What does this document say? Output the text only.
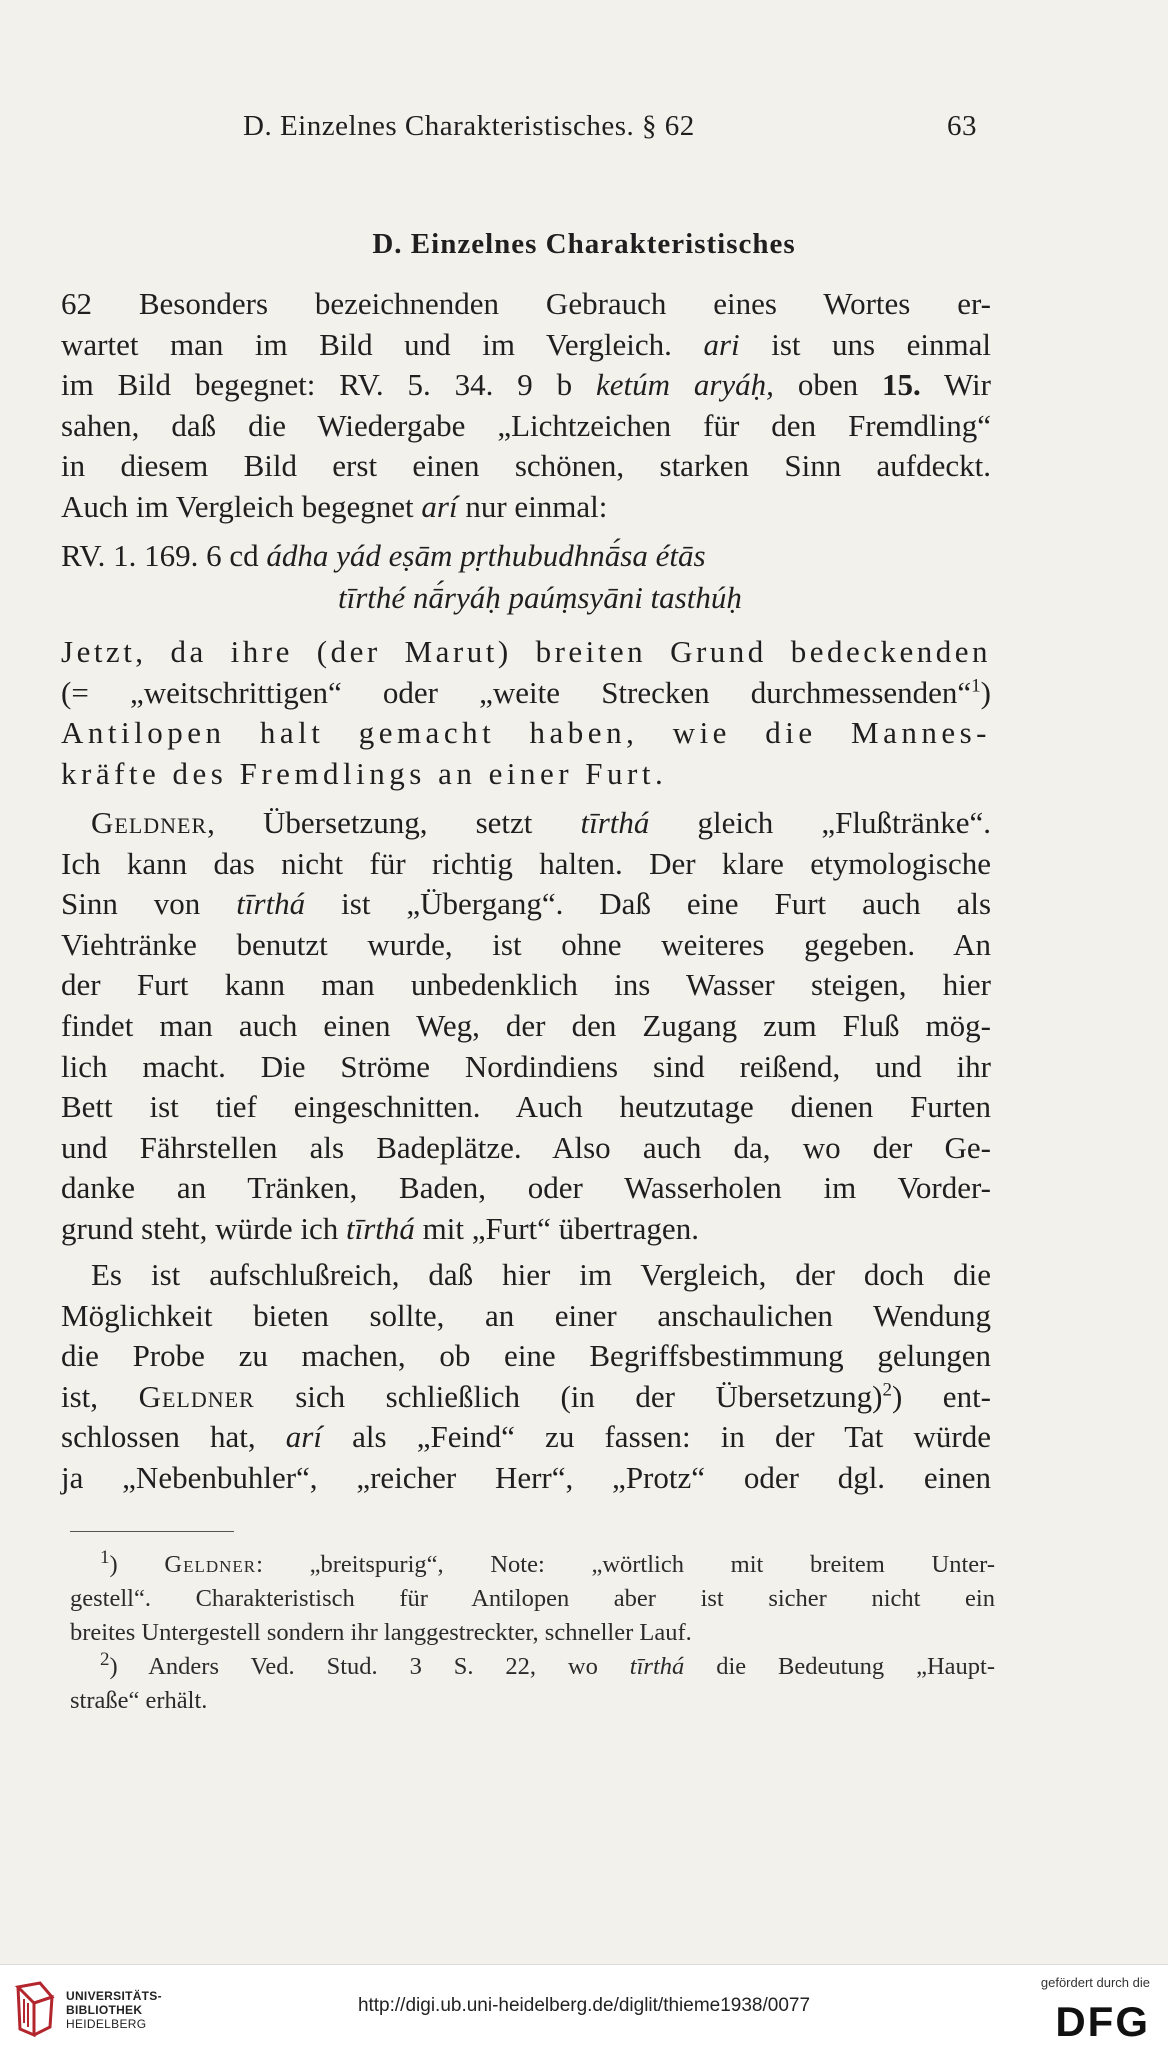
D. Einzelnes Charakteristisches. § 62	63
D. Einzelnes Charakteristisches
62 Besonders bezeichnenden Gebrauch eines Wortes er-
wartet man im Bild und im Vergleich. ari ist uns einmal
im Bild begegnet: RV. 5. 34. 9 b ketúm aryáḥ, oben 15. Wir
sahen, daß die Wiedergabe „Lichtzeichen für den Fremdling“
in diesem Bild erst einen schönen, starken Sinn aufdeckt.
Auch im Vergleich begegnet arí nur einmal:
RV. 1. 169. 6 cd ádha yád eṣām pṛthubudhnā́sa étās
tīrthé nā́ryáḥ paúṃsyāni tasthúḥ
Jetzt, da ihre (der Marut) breiten Grund bedeckenden
(= „weitschrittigen“ oder „weite Strecken durchmessenden“$^1$)
Antilopen halt gemacht haben, wie die Mannes-
kräfte des Fremdlings an einer Furt.
Geldner, Übersetzung, setzt tīrthá gleich „Flußtränke“.
Ich kann das nicht für richtig halten. Der klare etymologische
Sinn von tīrthá ist „Übergang“. Daß eine Furt auch als
Viehtränke benutzt wurde, ist ohne weiteres gegeben. An
der Furt kann man unbedenklich ins Wasser steigen, hier
findet man auch einen Weg, der den Zugang zum Fluß mög-
lich macht. Die Ströme Nordindiens sind reißend, und ihr
Bett ist tief eingeschnitten. Auch heutzutage dienen Furten
und Fährstellen als Badeplätze. Also auch da, wo der Ge-
danke an Tränken, Baden, oder Wasserholen im Vorder-
grund steht, würde ich tīrthá mit „Furt“ übertragen.
Es ist aufschlußreich, daß hier im Vergleich, der doch die
Möglichkeit bieten sollte, an einer anschaulichen Wendung
die Probe zu machen, ob eine Begriffsbestimmung gelungen
ist, Geldner sich schließlich (in der Übersetzung)$^2$) ent-
schlossen hat, arí als „Feind“ zu fassen: in der Tat würde
ja „Nebenbuhler“, „reicher Herr“, „Protz“ oder dgl. einen
$^1$) Geldner: „breitspurig“, Note: „wörtlich mit breitem Unter-
gestell“. Charakteristisch für Antilopen aber ist sicher nicht ein
breites Untergestell sondern ihr langgestreckter, schneller Lauf.
$^2$) Anders Ved. Stud. 3 S. 22, wo tīrthá die Bedeutung „Haupt-
straße“ erhält.
UNIVERSITÄTS-
BIBLIOTHEK
HEIDELBERG
http://digi.ub.uni-heidelberg.de/diglit/thieme1938/0077
gefördert durch die
DFG
